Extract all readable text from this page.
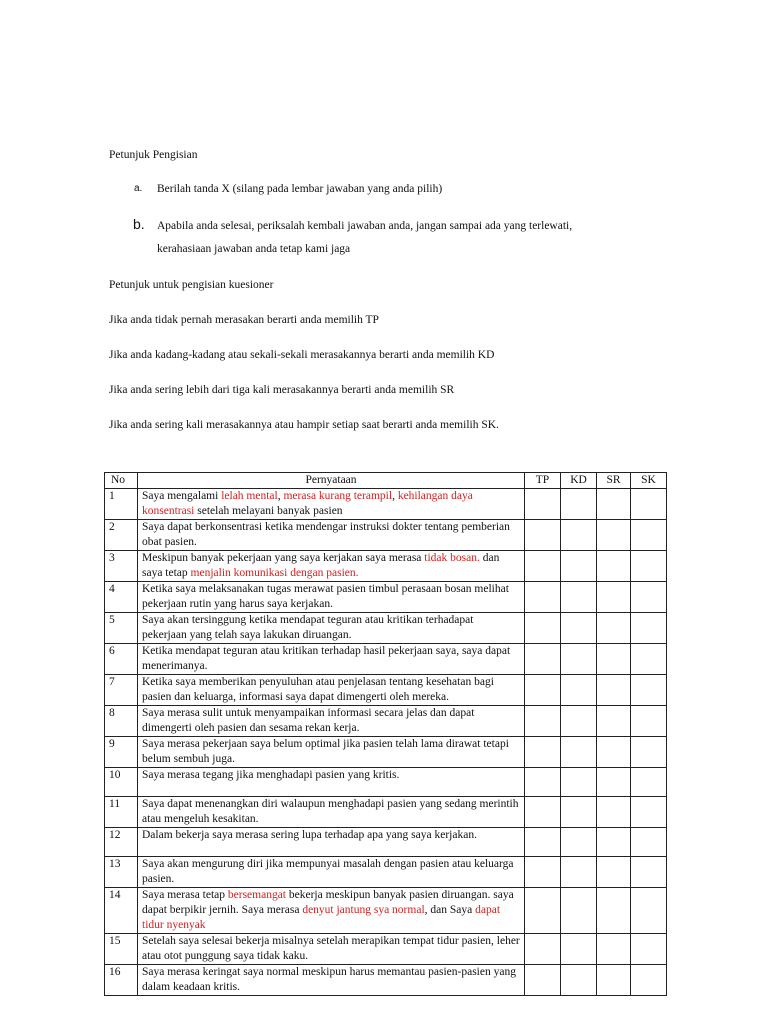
Petunjuk Pengisian
a. Berilah tanda X (silang pada lembar jawaban yang anda pilih)
b. Apabila anda selesai, periksalah kembali jawaban anda, jangan sampai ada yang terlewati,
kerahasiaan jawaban anda tetap kami jaga
Petunjuk untuk pengisian kuesioner
Jika anda tidak pernah merasakan berarti anda memilih TP
Jika anda kadang-kadang atau sekali-sekali merasakannya berarti anda memilih KD
Jika anda sering lebih dari tiga kali merasakannya berarti anda memilih SR
Jika anda sering kali merasakannya atau hampir setiap saat berarti anda memilih SK.
No	Pernyataan	TP	KD	SR	SK
1	Saya mengalami lelah mental, merasa kurang terampil, kehilangan daya konsentrasi setelah melayani banyak pasien				
2	Saya dapat berkonsentrasi ketika mendengar instruksi dokter tentang pemberian obat pasien.				
3	Meskipun banyak pekerjaan yang saya kerjakan saya merasa tidak bosan. dan saya tetap menjalin komunikasi dengan pasien.				
4	Ketika saya melaksanakan tugas merawat pasien timbul perasaan bosan melihat pekerjaan rutin yang harus saya kerjakan.				
5	Saya akan tersinggung ketika mendapat teguran atau kritikan terhadapat pekerjaan yang telah saya lakukan diruangan.				
6	Ketika mendapat teguran atau kritikan terhadap hasil pekerjaan saya, saya dapat menerimanya.				
7	Ketika saya memberikan penyuluhan atau penjelasan tentang kesehatan bagi pasien dan keluarga, informasi saya dapat dimengerti oleh mereka.				
8	Saya merasa sulit untuk menyampaikan informasi secara jelas dan dapat dimengerti oleh pasien dan sesama rekan kerja.				
9	Saya merasa pekerjaan saya belum optimal jika pasien telah lama dirawat tetapi belum sembuh juga.				
10	Saya merasa tegang jika menghadapi pasien yang kritis.				
11	Saya dapat menenangkan diri walaupun menghadapi pasien yang sedang merintih atau mengeluh kesakitan.				
12	Dalam bekerja saya merasa sering lupa terhadap apa yang saya kerjakan.				
13	Saya akan mengurung diri jika mempunyai masalah dengan pasien atau keluarga pasien.				
14	Saya merasa tetap bersemangat bekerja meskipun banyak pasien diruangan. saya dapat berpikir jernih. Saya merasa denyut jantung sya normal, dan Saya dapat tidur nyenyak				
15	Setelah saya selesai bekerja misalnya setelah merapikan tempat tidur pasien, leher atau otot punggung saya tidak kaku.				
16	Saya merasa keringat saya normal meskipun harus memantau pasien-pasien yang dalam keadaan kritis.				
